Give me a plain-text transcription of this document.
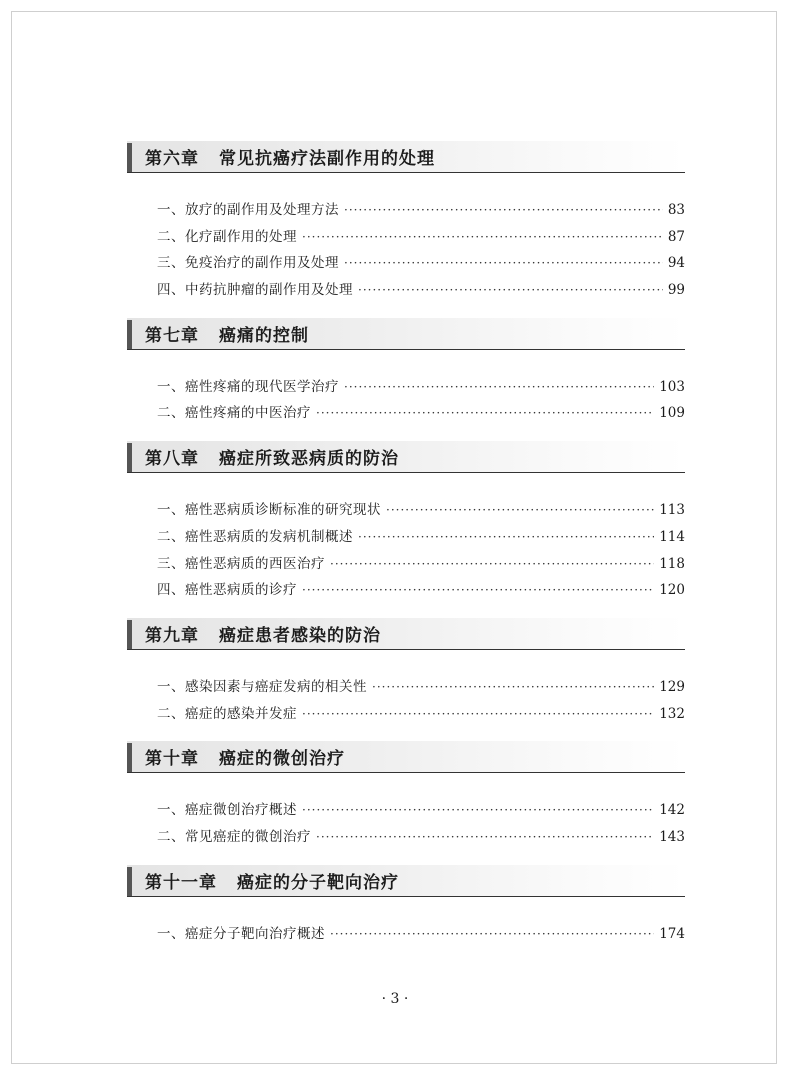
第六章 常见抗癌疗法副作用的处理
一、放疗的副作用及处理方法 ·····	83
二、化疗副作用的处理 ·····	87
三、免疫治疗的副作用及处理 ·····	94
四、中药抗肿瘤的副作用及处理 ·····	99
第七章 癌痛的控制
一、癌性疼痛的现代医学治疗 ·····	103
二、癌性疼痛的中医治疗 ·····	109
第八章 癌症所致恶病质的防治
一、癌性恶病质诊断标准的研究现状 ·····	113
二、癌性恶病质的发病机制概述 ·····	114
三、癌性恶病质的西医治疗 ·····	118
四、癌性恶病质的诊疗 ·····	120
第九章 癌症患者感染的防治
一、感染因素与癌症发病的相关性 ·····	129
二、癌症的感染并发症 ·····	132
第十章 癌症的微创治疗
一、癌症微创治疗概述 ·····	142
二、常见癌症的微创治疗 ·····	143
第十一章 癌症的分子靶向治疗
一、癌症分子靶向治疗概述 ·····	174
· 3 ·
